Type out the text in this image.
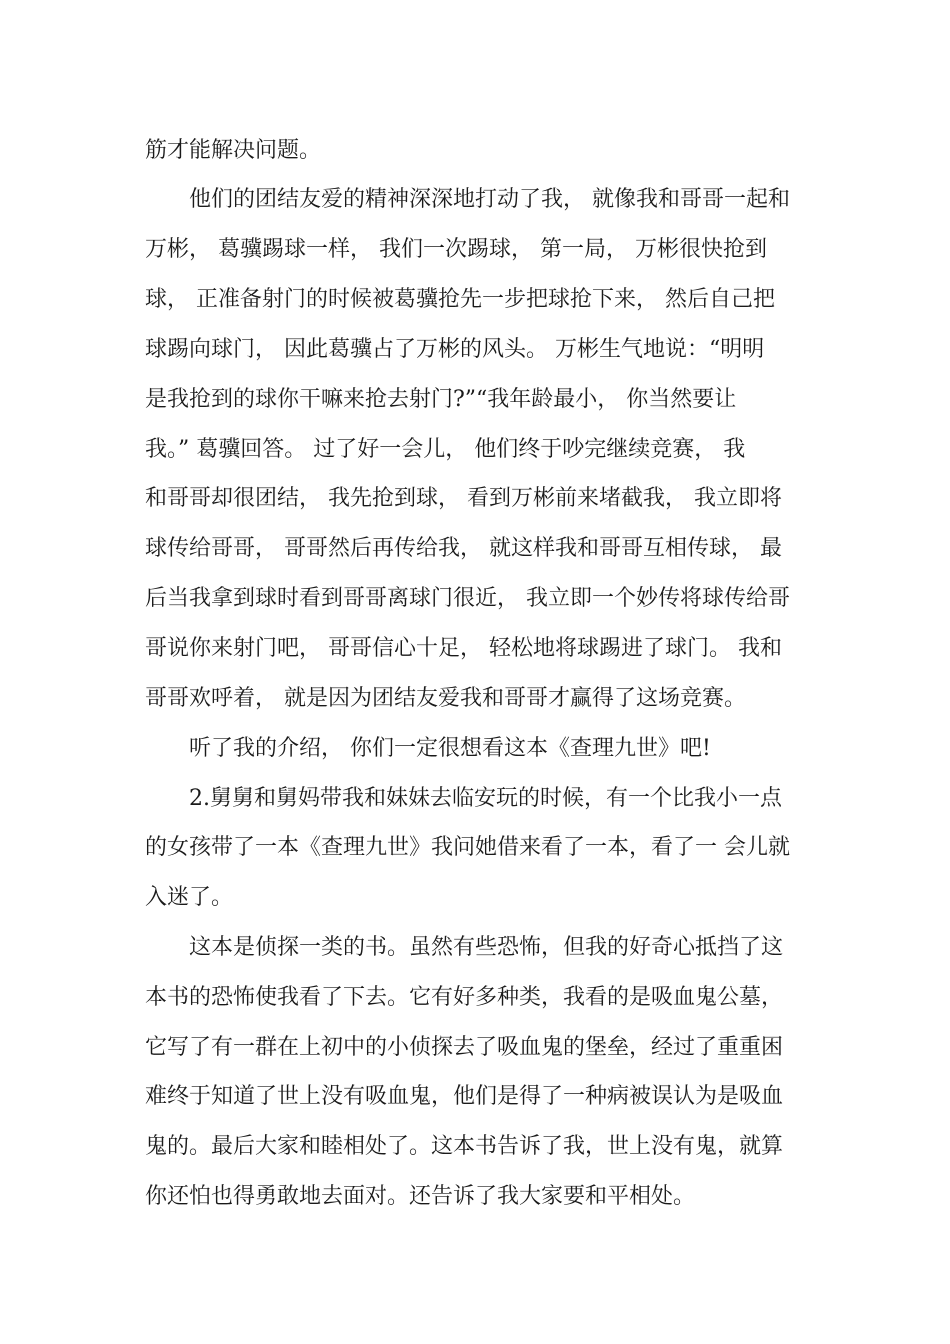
筋才能解决问题。
他们的团结友爱的精神深深地打动了我， 就像我和哥哥一起和
万彬， 葛骥踢球一样， 我们一次踢球， 第一局， 万彬很快抢到
球， 正准备射门的时候被葛骥抢先一步把球抢下来， 然后自己把
球踢向球门， 因此葛骥占了万彬的风头。 万彬生气地说：“明明
是我抢到的球你干嘛来抢去射门?”“我年龄最小， 你当然要让
我。” 葛骥回答。 过了好一会儿， 他们终于吵完继续竞赛， 我
和哥哥却很团结， 我先抢到球， 看到万彬前来堵截我， 我立即将
球传给哥哥， 哥哥然后再传给我， 就这样我和哥哥互相传球， 最
后当我拿到球时看到哥哥离球门很近， 我立即一个妙传将球传给哥
哥说你来射门吧， 哥哥信心十足， 轻松地将球踢进了球门。 我和
哥哥欢呼着， 就是因为团结友爱我和哥哥才赢得了这场竞赛。
听了我的介绍， 你们一定很想看这本《查理九世》吧!
2.舅舅和舅妈带我和妹妹去临安玩的时候，有一个比我小一点
的女孩带了一本《查理九世》我问她借来看了一本，看了一 会儿就
入迷了。
这本是侦探一类的书。虽然有些恐怖，但我的好奇心抵挡了这
本书的恐怖使我看了下去。它有好多种类，我看的是吸血鬼公墓，
它写了有一群在上初中的小侦探去了吸血鬼的堡垒，经过了重重困
难终于知道了世上没有吸血鬼，他们是得了一种病被误认为是吸血
鬼的。最后大家和睦相处了。这本书告诉了我，世上没有鬼，就算
你还怕也得勇敢地去面对。还告诉了我大家要和平相处。
